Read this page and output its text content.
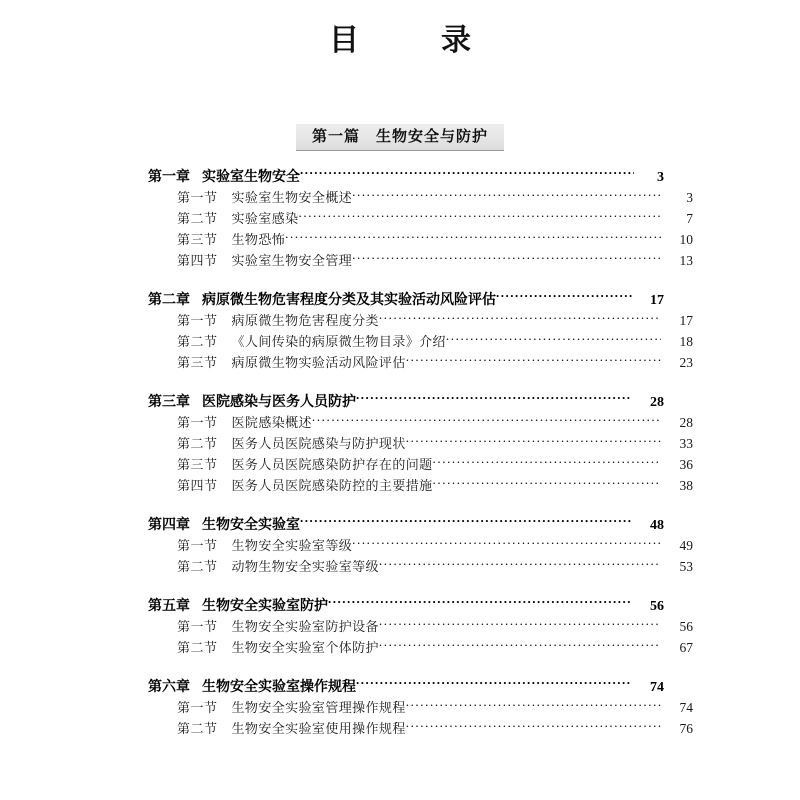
目　录
第一篇　生物安全与防护
第一章 实验室生物安全 .....	3
第一节	实验室生物安全概述 .....	3
第二节	实验室感染 .....	7
第三节	生物恐怖 .....	10
第四节	实验室生物安全管理 .....	13
第二章 病原微生物危害程度分类及其实验活动风险评估 .....	17
第一节	病原微生物危害程度分类 .....	17
第二节	《人间传染的病原微生物目录》介绍 .....	18
第三节	病原微生物实验活动风险评估 .....	23
第三章 医院感染与医务人员防护 .....	28
第一节	医院感染概述 .....	28
第二节	医务人员医院感染与防护现状 .....	33
第三节	医务人员医院感染防护存在的问题 .....	36
第四节	医务人员医院感染防控的主要措施 .....	38
第四章 生物安全实验室 .....	48
第一节	生物安全实验室等级 .....	49
第二节	动物生物安全实验室等级 .....	53
第五章 生物安全实验室防护 .....	56
第一节	生物安全实验室防护设备 .....	56
第二节	生物安全实验室个体防护 .....	67
第六章 生物安全实验室操作规程 .....	74
第一节	生物安全实验室管理操作规程 .....	74
第二节	生物安全实验室使用操作规程 .....	76
